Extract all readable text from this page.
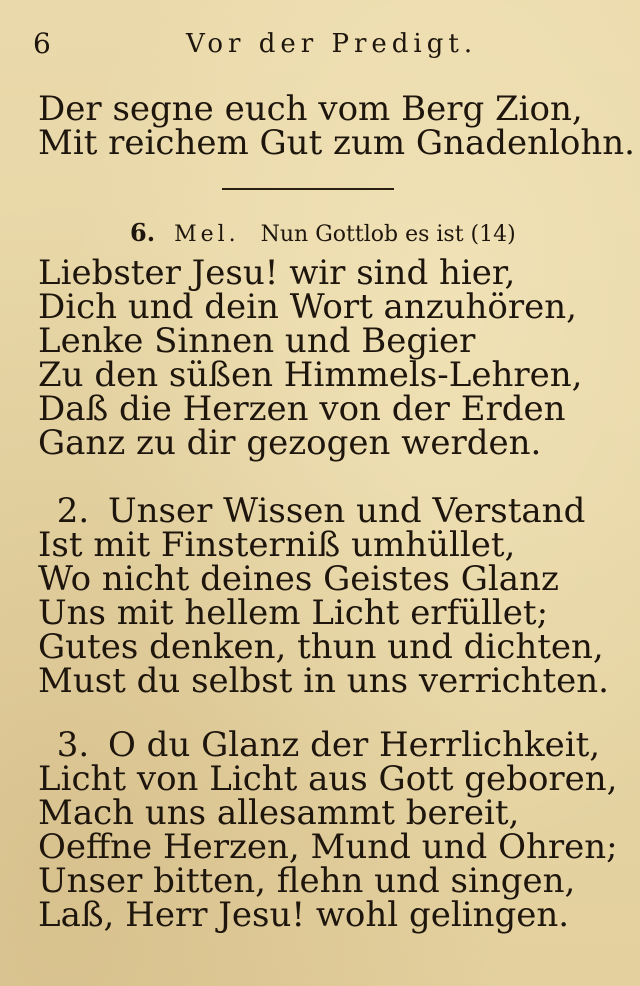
6	Vor der Predigt.
Der segne euch vom Berg Zion,
Mit reichem Gut zum Gnadenlohn.
6. Mel. Nun Gottlob es ist (14)
Liebster Jesu! wir sind hier,
Dich und dein Wort anzuhören,
Lenke Sinnen und Begier
Zu den süßen Himmels-Lehren,
Daß die Herzen von der Erden
Ganz zu dir gezogen werden.
2. Unser Wissen und Verstand
Ist mit Finsterniß umhüllet,
Wo nicht deines Geistes Glanz
Uns mit hellem Licht erfüllet;
Gutes denken, thun und dichten,
Must du selbst in uns verrichten.
3. O du Glanz der Herrlichkeit,
Licht von Licht aus Gott geboren,
Mach uns allesammt bereit,
Oeffne Herzen, Mund und Ohren;
Unser bitten, flehn und singen,
Laß, Herr Jesu! wohl gelingen.
